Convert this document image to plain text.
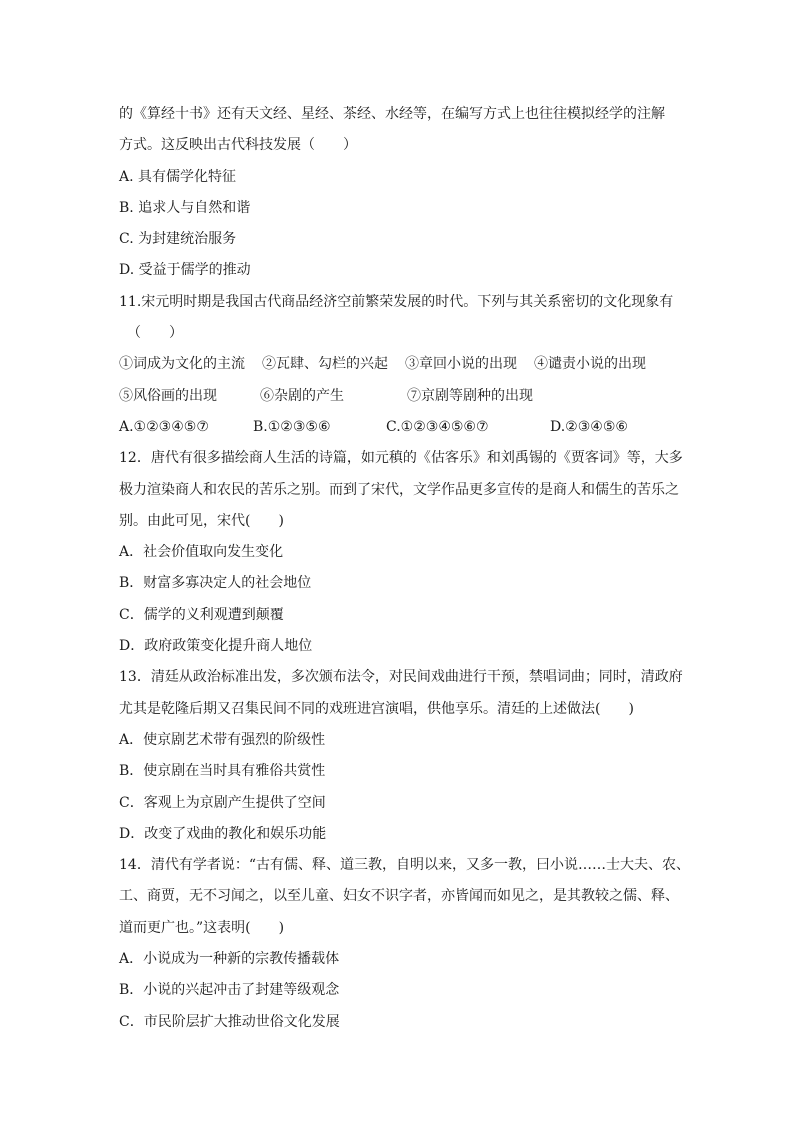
的《算经十书》还有天文经、星经、茶经、水经等，在编写方式上也往往模拟经学的注解
方式。这反映出古代科技发展（　　）
A. 具有儒学化特征
B. 追求人与自然和谐
C. 为封建统治服务
D. 受益于儒学的推动
11.宋元明时期是我国古代商品经济空前繁荣发展的时代。下列与其关系密切的文化现象有
（　　）
①词成为文化的主流 ②瓦肆、勾栏的兴起 ③章回小说的出现 ④谴责小说的出现
⑤风俗画的出现	⑥杂剧的产生	⑦京剧等剧种的出现
A.①②③④⑤⑦	B.①②③⑤⑥	C.①②③④⑤⑥⑦	D.②③④⑤⑥
12．唐代有很多描绘商人生活的诗篇，如元稹的《估客乐》和刘禹锡的《贾客词》等，大多
极力渲染商人和农民的苦乐之别。而到了宋代，文学作品更多宣传的是商人和儒生的苦乐之
别。由此可见，宋代(　　)
A．社会价值取向发生变化
B．财富多寡决定人的社会地位
C．儒学的义利观遭到颠覆
D．政府政策变化提升商人地位
13．清廷从政治标准出发，多次颁布法令，对民间戏曲进行干预，禁唱词曲；同时，清政府
尤其是乾隆后期又召集民间不同的戏班进宫演唱，供他享乐。清廷的上述做法(　　)
A．使京剧艺术带有强烈的阶级性
B．使京剧在当时具有雅俗共赏性
C．客观上为京剧产生提供了空间
D．改变了戏曲的教化和娱乐功能
14．清代有学者说：“古有儒、释、道三教，自明以来，又多一教，曰小说……士大夫、农、
工、商贾，无不习闻之，以至儿童、妇女不识字者，亦皆闻而如见之，是其教较之儒、释、
道而更广也。”这表明(　　)
A．小说成为一种新的宗教传播载体
B．小说的兴起冲击了封建等级观念
C．市民阶层扩大推动世俗文化发展
